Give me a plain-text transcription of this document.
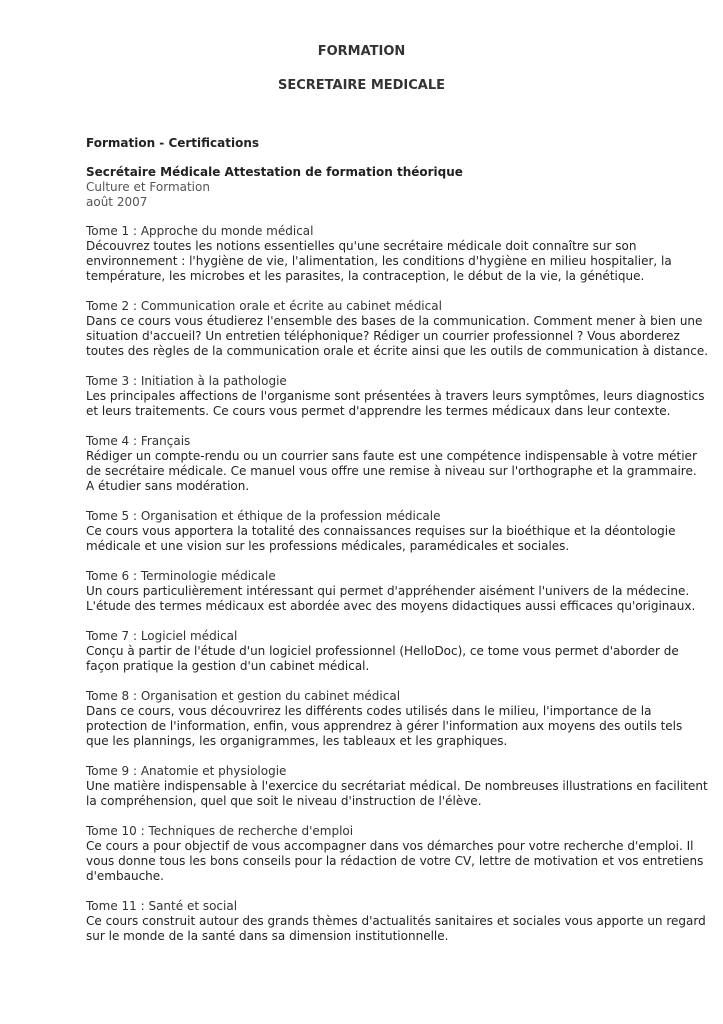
FORMATION
SECRETAIRE MEDICALE
Formation - Certifications
Secrétaire Médicale Attestation de formation théorique
Culture et Formation
août 2007
Tome 1 : Approche du monde médical
Découvrez toutes les notions essentielles qu'une secrétaire médicale doit connaître sur son
environnement : l'hygiène de vie, l'alimentation, les conditions d'hygiène en milieu hospitalier, la
température, les microbes et les parasites, la contraception, le début de la vie, la génétique.
Tome 2 : Communication orale et écrite au cabinet médical
Dans ce cours vous étudierez l'ensemble des bases de la communication. Comment mener à bien une
situation d'accueil? Un entretien téléphonique? Rédiger un courrier professionnel ? Vous aborderez
toutes des règles de la communication orale et écrite ainsi que les outils de communication à distance.
Tome 3 : Initiation à la pathologie
Les principales affections de l'organisme sont présentées à travers leurs symptômes, leurs diagnostics
et leurs traitements. Ce cours vous permet d'apprendre les termes médicaux dans leur contexte.
Tome 4 : Français
Rédiger un compte-rendu ou un courrier sans faute est une compétence indispensable à votre métier
de secrétaire médicale. Ce manuel vous offre une remise à niveau sur l'orthographe et la grammaire.
A étudier sans modération.
Tome 5 : Organisation et éthique de la profession médicale
Ce cours vous apportera la totalité des connaissances requises sur la bioéthique et la déontologie
médicale et une vision sur les professions médicales, paramédicales et sociales.
Tome 6 : Terminologie médicale
Un cours particulièrement intéressant qui permet d'appréhender aisément l'univers de la médecine.
L'étude des termes médicaux est abordée avec des moyens didactiques aussi efficaces qu'originaux.
Tome 7 : Logiciel médical
Conçu à partir de l'étude d'un logiciel professionnel (HelloDoc), ce tome vous permet d'aborder de
façon pratique la gestion d'un cabinet médical.
Tome 8 : Organisation et gestion du cabinet médical
Dans ce cours, vous découvrirez les différents codes utilisés dans le milieu, l'importance de la
protection de l'information, enfin, vous apprendrez à gérer l'information aux moyens des outils tels
que les plannings, les organigrammes, les tableaux et les graphiques.
Tome 9 : Anatomie et physiologie
Une matière indispensable à l'exercice du secrétariat médical. De nombreuses illustrations en facilitent
la compréhension, quel que soit le niveau d'instruction de l'élève.
Tome 10 : Techniques de recherche d'emploi
Ce cours a pour objectif de vous accompagner dans vos démarches pour votre recherche d'emploi. Il
vous donne tous les bons conseils pour la rédaction de votre CV, lettre de motivation et vos entretiens
d'embauche.
Tome 11 : Santé et social
Ce cours construit autour des grands thèmes d'actualités sanitaires et sociales vous apporte un regard
sur le monde de la santé dans sa dimension institutionnelle.
